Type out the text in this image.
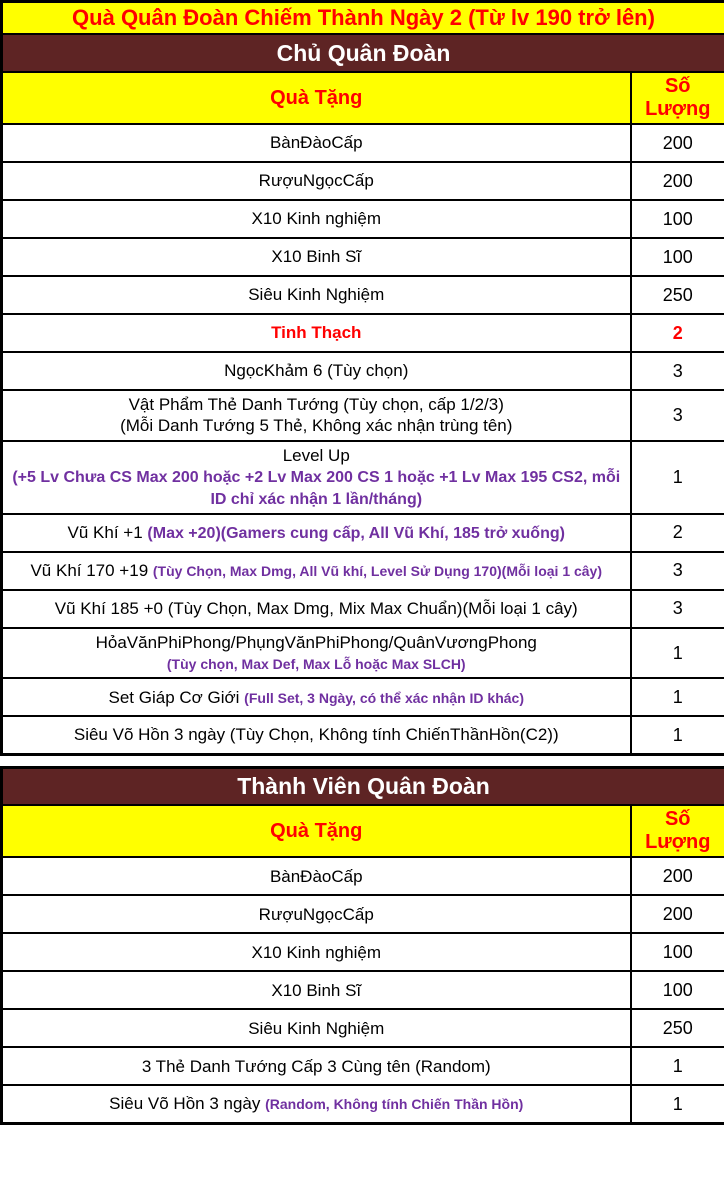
Quà Quân Đoàn Chiếm Thành Ngày 2 (Từ lv 190 trở lên)	
Chủ Quân Đoàn	
Quà Tặng	Số Lượng

BànĐàoCấp	200

RượuNgọcCấp	200

X10 Kinh nghiệm	100

X10 Binh Sĩ	100

Siêu Kinh Nghiệm	250

Tinh Thạch	2

NgọcKhảm 6 (Tùy chọn)	3

Vật Phẩm Thẻ Danh Tướng (Tùy chọn, cấp 1/2/3)
(Mỗi Danh Tướng 5 Thẻ, Không xác nhận trùng tên)	3

Level Up
(+5 Lv Chưa CS Max 200 hoặc +2 Lv Max 200 CS 1 hoặc +1 Lv Max 195 CS2, mỗi ID chỉ xác nhận 1 lần/tháng)	1

Vũ Khí +1 (Max +20)(Gamers cung cấp, All Vũ Khí, 185 trở xuống)	2

Vũ Khí 170 +19 (Tùy Chọn, Max Dmg, All Vũ khí, Level Sử Dụng 170)(Mỗi loại 1 cây)	3

Vũ Khí 185 +0 (Tùy Chọn, Max Dmg, Mix Max Chuẩn)(Mỗi loại 1 cây)	3

HỏaVănPhiPhong/PhụngVănPhiPhong/QuânVươngPhong
(Tùy chọn, Max Def, Max Lỗ hoặc Max SLCH)	1

Set Giáp Cơ Giới (Full Set, 3 Ngày, có thể xác nhận ID khác)	1

Siêu Võ Hồn 3 ngày (Tùy Chọn, Không tính ChiếnThầnHồn(C2))	1
Thành Viên Quân Đoàn	
Quà Tặng	Số Lượng

BànĐàoCấp	200

RượuNgọcCấp	200

X10 Kinh nghiệm	100

X10 Binh Sĩ	100

Siêu Kinh Nghiệm	250

3 Thẻ Danh Tướng Cấp 3 Cùng tên (Random)	1

Siêu Võ Hồn 3 ngày (Random, Không tính Chiến Thần Hồn)	1
